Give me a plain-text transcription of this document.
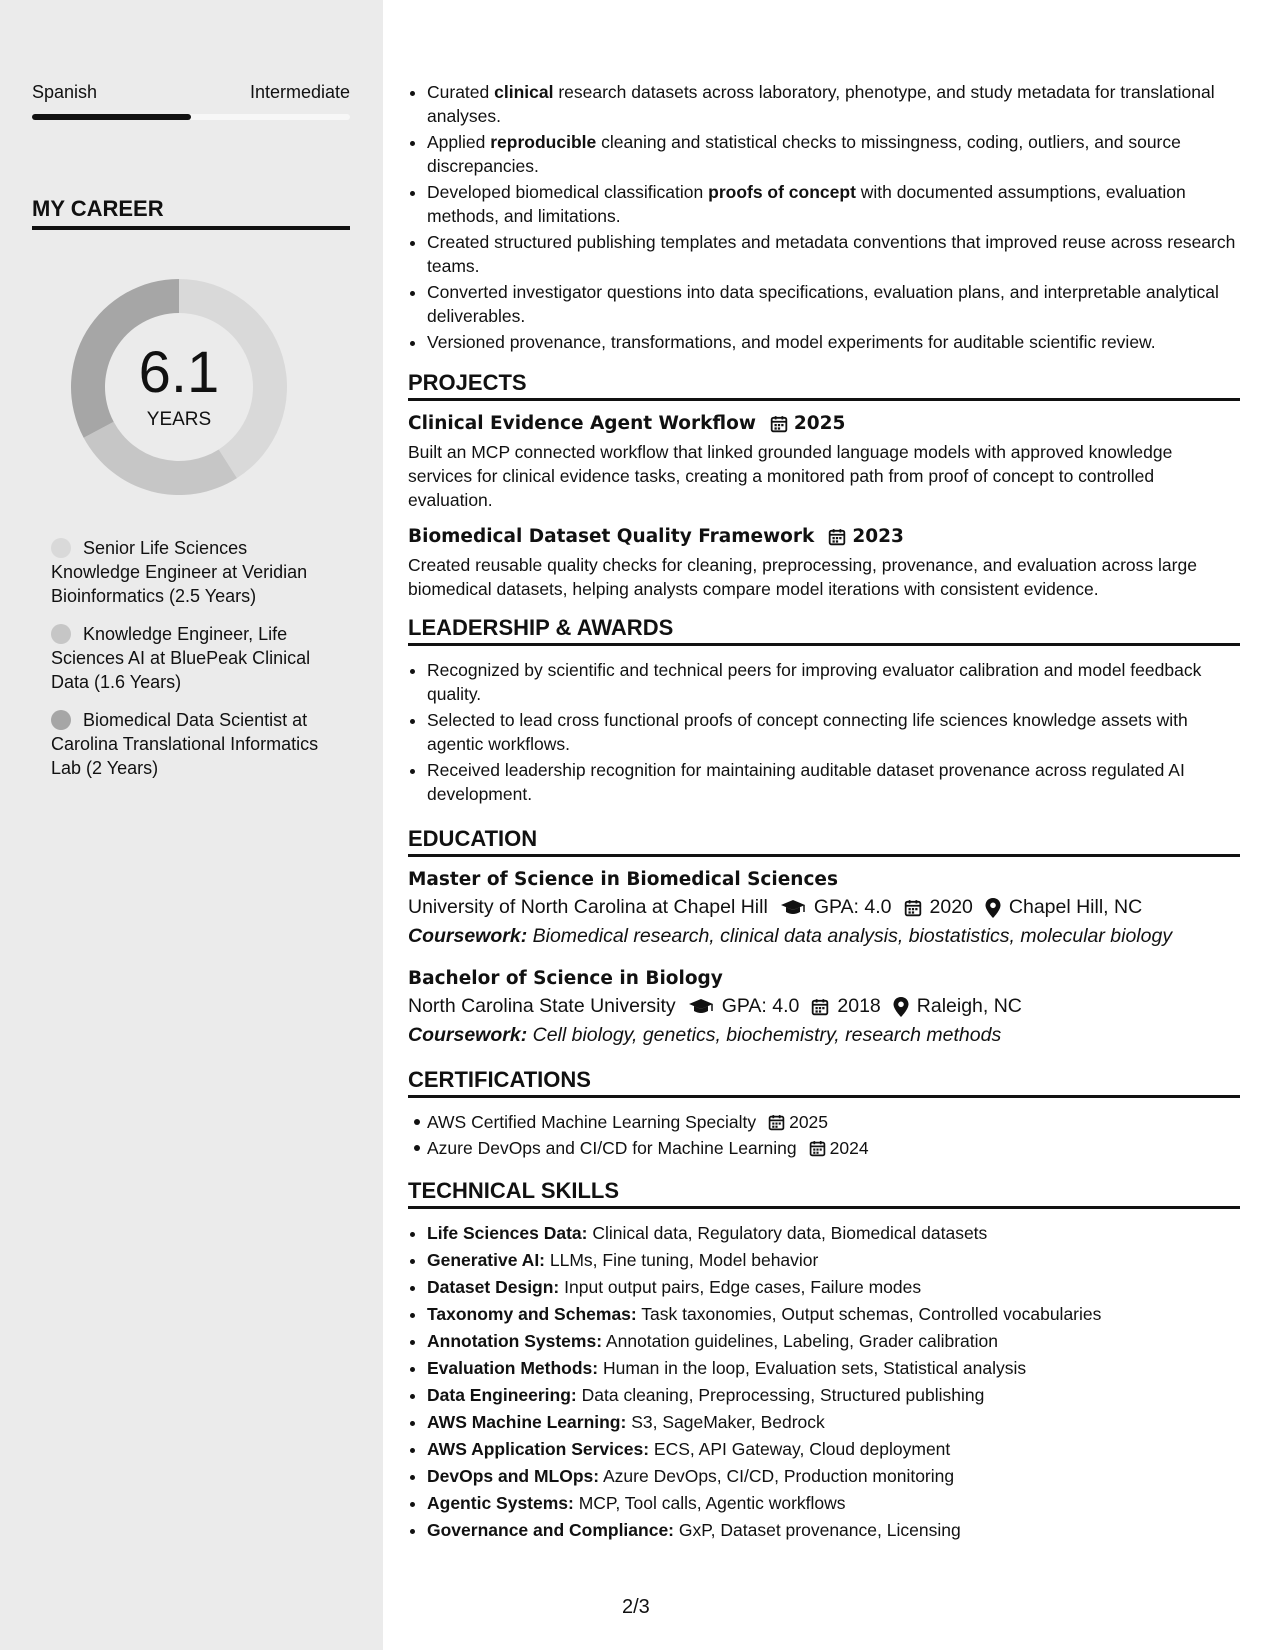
Spanish	Intermediate
MY CAREER
6.1
YEARS
Senior Life Sciences Knowledge Engineer at Veridian Bioinformatics (2.5 Years)
Knowledge Engineer, Life Sciences AI at BluePeak Clinical Data (1.6 Years)
Biomedical Data Scientist at Carolina Translational Informatics Lab (2 Years)
• Curated clinical research datasets across laboratory, phenotype, and study metadata for translational analyses.
• Applied reproducible cleaning and statistical checks to missingness, coding, outliers, and source discrepancies.
• Developed biomedical classification proofs of concept with documented assumptions, evaluation methods, and limitations.
• Created structured publishing templates and metadata conventions that improved reuse across research teams.
• Converted investigator questions into data specifications, evaluation plans, and interpretable analytical deliverables.
• Versioned provenance, transformations, and model experiments for auditable scientific review.
PROJECTS
Clinical Evidence Agent Workflow 2025
Built an MCP connected workflow that linked grounded language models with approved knowledge services for clinical evidence tasks, creating a monitored path from proof of concept to controlled evaluation.
Biomedical Dataset Quality Framework 2023
Created reusable quality checks for cleaning, preprocessing, provenance, and evaluation across large biomedical datasets, helping analysts compare model iterations with consistent evidence.
LEADERSHIP & AWARDS
• Recognized by scientific and technical peers for improving evaluator calibration and model feedback quality.
• Selected to lead cross functional proofs of concept connecting life sciences knowledge assets with agentic workflows.
• Received leadership recognition for maintaining auditable dataset provenance across regulated AI development.
EDUCATION
Master of Science in Biomedical Sciences
University of North Carolina at Chapel Hill GPA: 4.0 2020 Chapel Hill, NC
Coursework: Biomedical research, clinical data analysis, biostatistics, molecular biology
Bachelor of Science in Biology
North Carolina State University GPA: 4.0 2018 Raleigh, NC
Coursework: Cell biology, genetics, biochemistry, research methods
CERTIFICATIONS
AWS Certified Machine Learning Specialty 2025
Azure DevOps and CI/CD for Machine Learning 2024
TECHNICAL SKILLS
• Life Sciences Data: Clinical data, Regulatory data, Biomedical datasets
• Generative AI: LLMs, Fine tuning, Model behavior
• Dataset Design: Input output pairs, Edge cases, Failure modes
• Taxonomy and Schemas: Task taxonomies, Output schemas, Controlled vocabularies
• Annotation Systems: Annotation guidelines, Labeling, Grader calibration
• Evaluation Methods: Human in the loop, Evaluation sets, Statistical analysis
• Data Engineering: Data cleaning, Preprocessing, Structured publishing
• AWS Machine Learning: S3, SageMaker, Bedrock
• AWS Application Services: ECS, API Gateway, Cloud deployment
• DevOps and MLOps: Azure DevOps, CI/CD, Production monitoring
• Agentic Systems: MCP, Tool calls, Agentic workflows
• Governance and Compliance: GxP, Dataset provenance, Licensing
2/3
